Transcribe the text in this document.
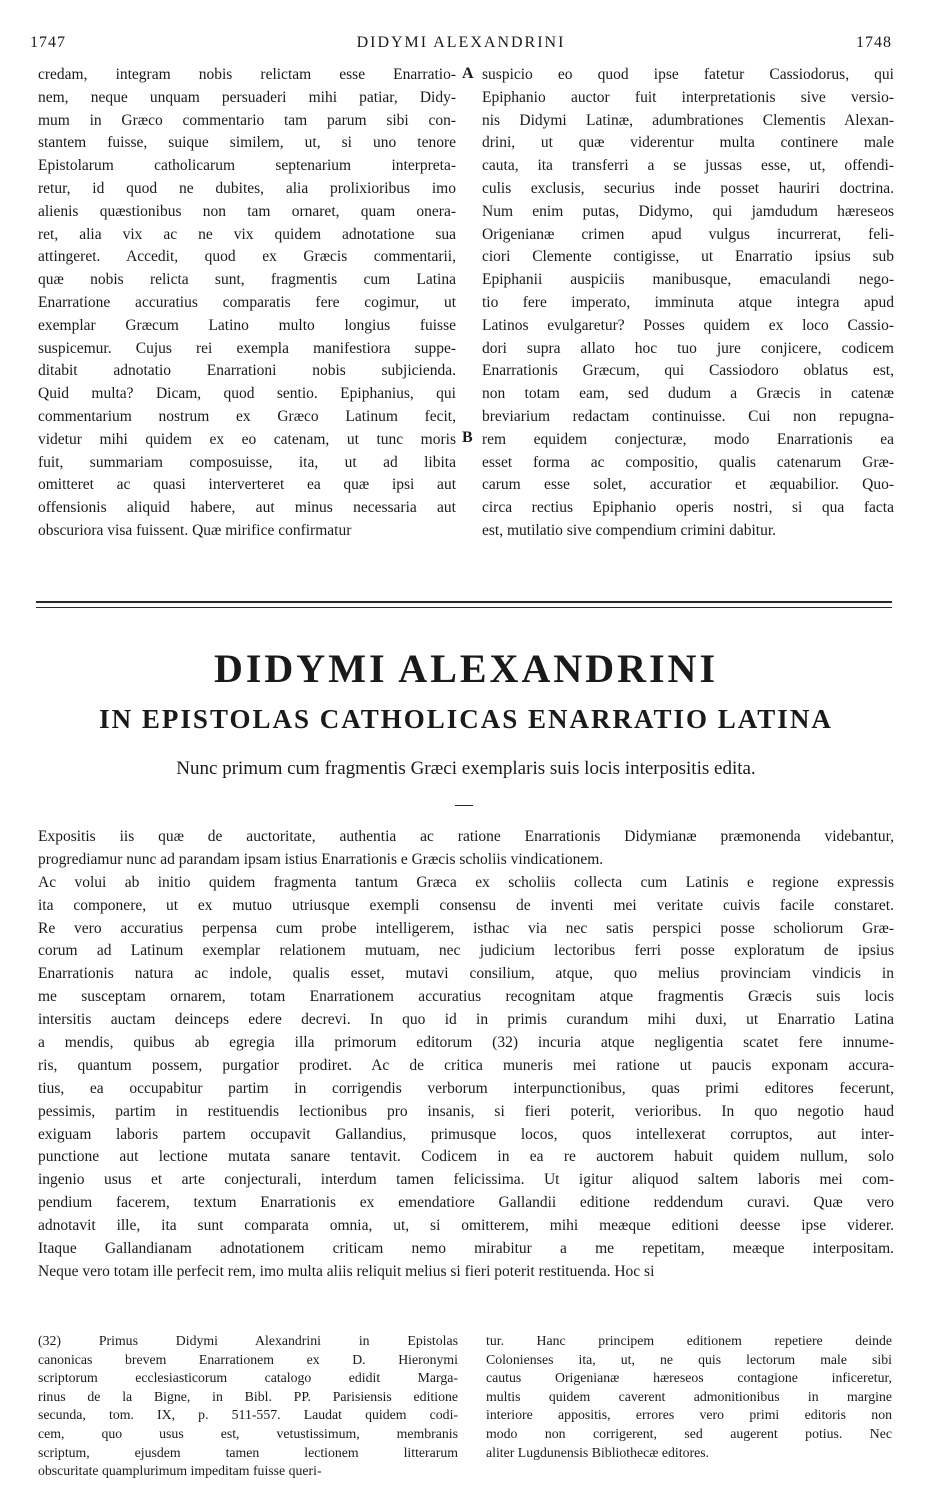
1747	DIDYMI ALEXANDRINI	1748
A
B
credam, integram nobis relictam esse Enarratio-
nem, neque unquam persuaderi mihi patiar, Didy-
mum in Græco commentario tam parum sibi con-
stantem fuisse, suique similem, ut, si uno tenore
Epistolarum catholicarum septenarium interpreta-
retur, id quod ne dubites, alia prolixioribus imo
alienis quæstionibus non tam ornaret, quam onera-
ret, alia vix ac ne vix quidem adnotatione sua
attingeret. Accedit, quod ex Græcis commentarii,
quæ nobis relicta sunt, fragmentis cum Latina
Enarratione accuratius comparatis fere cogimur, ut
exemplar Græcum Latino multo longius fuisse
suspicemur. Cujus rei exempla manifestiora suppe-
ditabit adnotatio Enarrationi nobis subjicienda.
Quid multa? Dicam, quod sentio. Epiphanius, qui
commentarium nostrum ex Græco Latinum fecit,
videtur mihi quidem ex eo catenam, ut tunc moris
fuit, summariam composuisse, ita, ut ad libita
omitteret ac quasi interverteret ea quæ ipsi aut
offensionis aliquid habere, aut minus necessaria aut
obscuriora visa fuissent. Quæ mirifice confirmatur
suspicio eo quod ipse fatetur Cassiodorus, qui
Epiphanio auctor fuit interpretationis sive versio-
nis Didymi Latinæ, adumbrationes Clementis Alexan-
drini, ut quæ viderentur multa continere male
cauta, ita transferri a se jussas esse, ut, offendi-
culis exclusis, securius inde posset hauriri doctrina.
Num enim putas, Didymo, qui jamdudum hæreseos
Origenianæ crimen apud vulgus incurrerat, feli-
ciori Clemente contigisse, ut Enarratio ipsius sub
Epiphanii auspiciis manibusque, emaculandi nego-
tio fere imperato, imminuta atque integra apud
Latinos evulgaretur? Posses quidem ex loco Cassio-
dori supra allato hoc tuo jure conjicere, codicem
Enarrationis Græcum, qui Cassiodoro oblatus est,
non totam eam, sed dudum a Græcis in catenæ
breviarium redactam continuisse. Cui non repugna-
rem equidem conjecturæ, modo Enarrationis ea
esset forma ac compositio, qualis catenarum Græ-
carum esse solet, accuratior et æquabilior. Quo-
circa rectius Epiphanio operis nostri, si qua facta
est, mutilatio sive compendium crimini dabitur.
DIDYMI ALEXANDRINI
IN EPISTOLAS CATHOLICAS ENARRATIO LATINA
Nunc primum cum fragmentis Græci exemplaris suis locis interpositis edita.
Expositis iis quæ de auctoritate, authentia ac ratione Enarrationis Didymianæ præmonenda videbantur,
progrediamur nunc ad parandam ipsam istius Enarrationis e Græcis scholiis vindicationem.
Ac volui ab initio quidem fragmenta tantum Græca ex scholiis collecta cum Latinis e regione expressis
ita componere, ut ex mutuo utriusque exempli consensu de inventi mei veritate cuivis facile constaret.
Re vero accuratius perpensa cum probe intelligerem, isthac via nec satis perspici posse scholiorum Græ-
corum ad Latinum exemplar relationem mutuam, nec judicium lectoribus ferri posse exploratum de ipsius
Enarrationis natura ac indole, qualis esset, mutavi consilium, atque, quo melius provinciam vindicis in
me susceptam ornarem, totam Enarrationem accuratius recognitam atque fragmentis Græcis suis locis
intersitis auctam deinceps edere decrevi. In quo id in primis curandum mihi duxi, ut Enarratio Latina
a mendis, quibus ab egregia illa primorum editorum (32) incuria atque negligentia scatet fere innume-
ris, quantum possem, purgatior prodiret. Ac de critica muneris mei ratione ut paucis exponam accura-
tius, ea occupabitur partim in corrigendis verborum interpunctionibus, quas primi editores fecerunt,
pessimis, partim in restituendis lectionibus pro insanis, si fieri poterit, verioribus. In quo negotio haud
exiguam laboris partem occupavit Gallandius, primusque locos, quos intellexerat corruptos, aut inter-
punctione aut lectione mutata sanare tentavit. Codicem in ea re auctorem habuit quidem nullum, solo
ingenio usus et arte conjecturali, interdum tamen felicissima. Ut igitur aliquod saltem laboris mei com-
pendium facerem, textum Enarrationis ex emendatiore Gallandii editione reddendum curavi. Quæ vero
adnotavit ille, ita sunt comparata omnia, ut, si omitterem, mihi meæque editioni deesse ipse viderer.
Itaque Gallandianam adnotationem criticam nemo mirabitur a me repetitam, meæque interpositam.
Neque vero totam ille perfecit rem, imo multa aliis reliquit melius si fieri poterit restituenda. Hoc si
(32) Primus Didymi Alexandrini in Epistolas
canonicas brevem Enarrationem ex D. Hieronymi
scriptorum ecclesiasticorum catalogo edidit Marga-
rinus de la Bigne, in Bibl. PP. Parisiensis editione
secunda, tom. IX, p. 511-557. Laudat quidem codi-
cem, quo usus est, vetustissimum, membranis
scriptum, ejusdem tamen lectionem litterarum
obscuritate quamplurimum impeditam fuisse queri-
tur. Hanc principem editionem repetiere deinde
Colonienses ita, ut, ne quis lectorum male sibi
cautus Origenianæ hæreseos contagione inficeretur,
multis quidem caverent admonitionibus in margine
interiore appositis, errores vero primi editoris non
modo non corrigerent, sed augerent potius. Nec
aliter Lugdunensis Bibliothecæ editores.
